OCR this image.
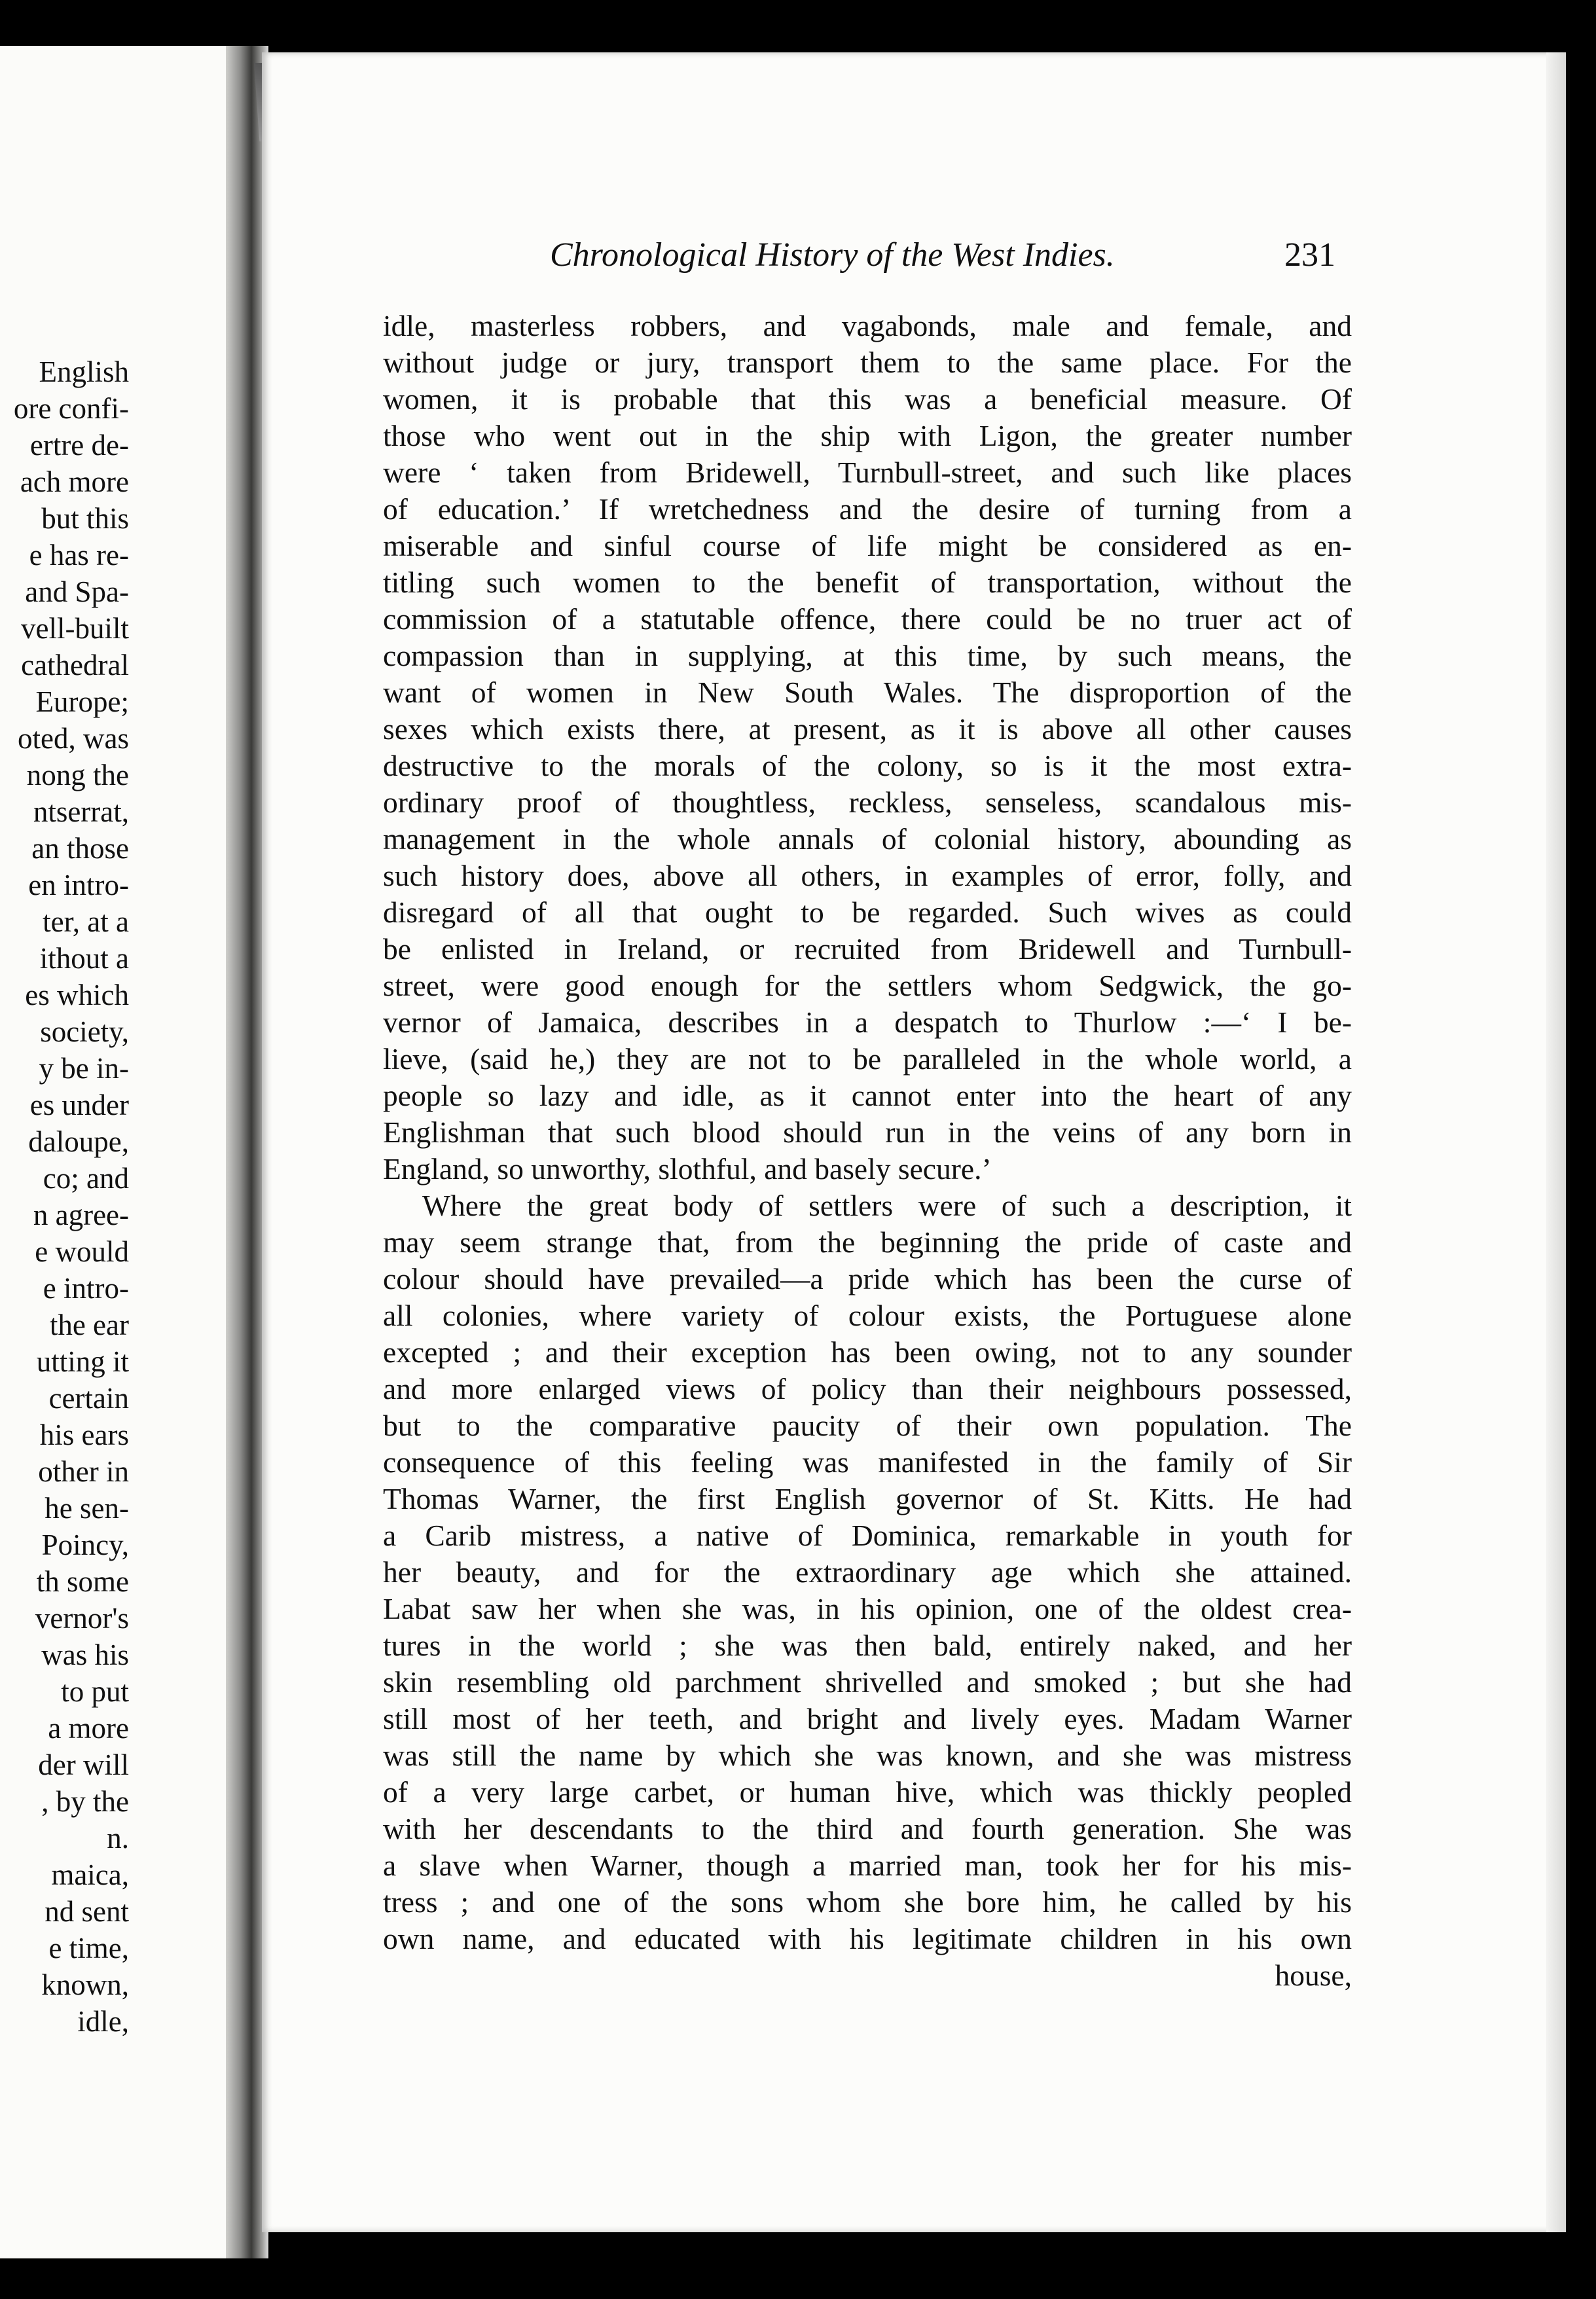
English
ore confi-
ertre de-
ach more
but this
e has re-
and Spa-
vell-built
cathedral
Europe;
oted, was
nong the
ntserrat,
an those
en intro-
ter, at a
ithout a
es which
society,
y be in-
es under
daloupe,
co; and
n agree-
e would
e intro-
the ear
utting it
certain
his ears
other in
he sen-
Poincy,
th some
vernor's
was his
to put
a more
der will
, by the
n.
maica,
nd sent
e time,
known,
idle,
Chronological History of the West Indies.	231
idle, masterless robbers, and vagabonds, male and female, and
without judge or jury, transport them to the same place. For the
women, it is probable that this was a beneficial measure. Of
those who went out in the ship with Ligon, the greater number
were ‘ taken from Bridewell, Turnbull-street, and such like places
of education.’ If wretchedness and the desire of turning from a
miserable and sinful course of life might be considered as en-
titling such women to the benefit of transportation, without the
commission of a statutable offence, there could be no truer act of
compassion than in supplying, at this time, by such means, the
want of women in New South Wales. The disproportion of the
sexes which exists there, at present, as it is above all other causes
destructive to the morals of the colony, so is it the most extra-
ordinary proof of thoughtless, reckless, senseless, scandalous mis-
management in the whole annals of colonial history, abounding as
such history does, above all others, in examples of error, folly, and
disregard of all that ought to be regarded. Such wives as could
be enlisted in Ireland, or recruited from Bridewell and Turnbull-
street, were good enough for the settlers whom Sedgwick, the go-
vernor of Jamaica, describes in a despatch to Thurlow :—‘ I be-
lieve, (said he,) they are not to be paralleled in the whole world, a
people so lazy and idle, as it cannot enter into the heart of any
Englishman that such blood should run in the veins of any born in
England, so unworthy, slothful, and basely secure.’
Where the great body of settlers were of such a description, it
may seem strange that, from the beginning the pride of caste and
colour should have prevailed—a pride which has been the curse of
all colonies, where variety of colour exists, the Portuguese alone
excepted ; and their exception has been owing, not to any sounder
and more enlarged views of policy than their neighbours possessed,
but to the comparative paucity of their own population. The
consequence of this feeling was manifested in the family of Sir
Thomas Warner, the first English governor of St. Kitts. He had
a Carib mistress, a native of Dominica, remarkable in youth for
her beauty, and for the extraordinary age which she attained.
Labat saw her when she was, in his opinion, one of the oldest crea-
tures in the world ; she was then bald, entirely naked, and her
skin resembling old parchment shrivelled and smoked ; but she had
still most of her teeth, and bright and lively eyes. Madam Warner
was still the name by which she was known, and she was mistress
of a very large carbet, or human hive, which was thickly peopled
with her descendants to the third and fourth generation. She was
a slave when Warner, though a married man, took her for his mis-
tress ; and one of the sons whom she bore him, he called by his
own name, and educated with his legitimate children in his own
house,
